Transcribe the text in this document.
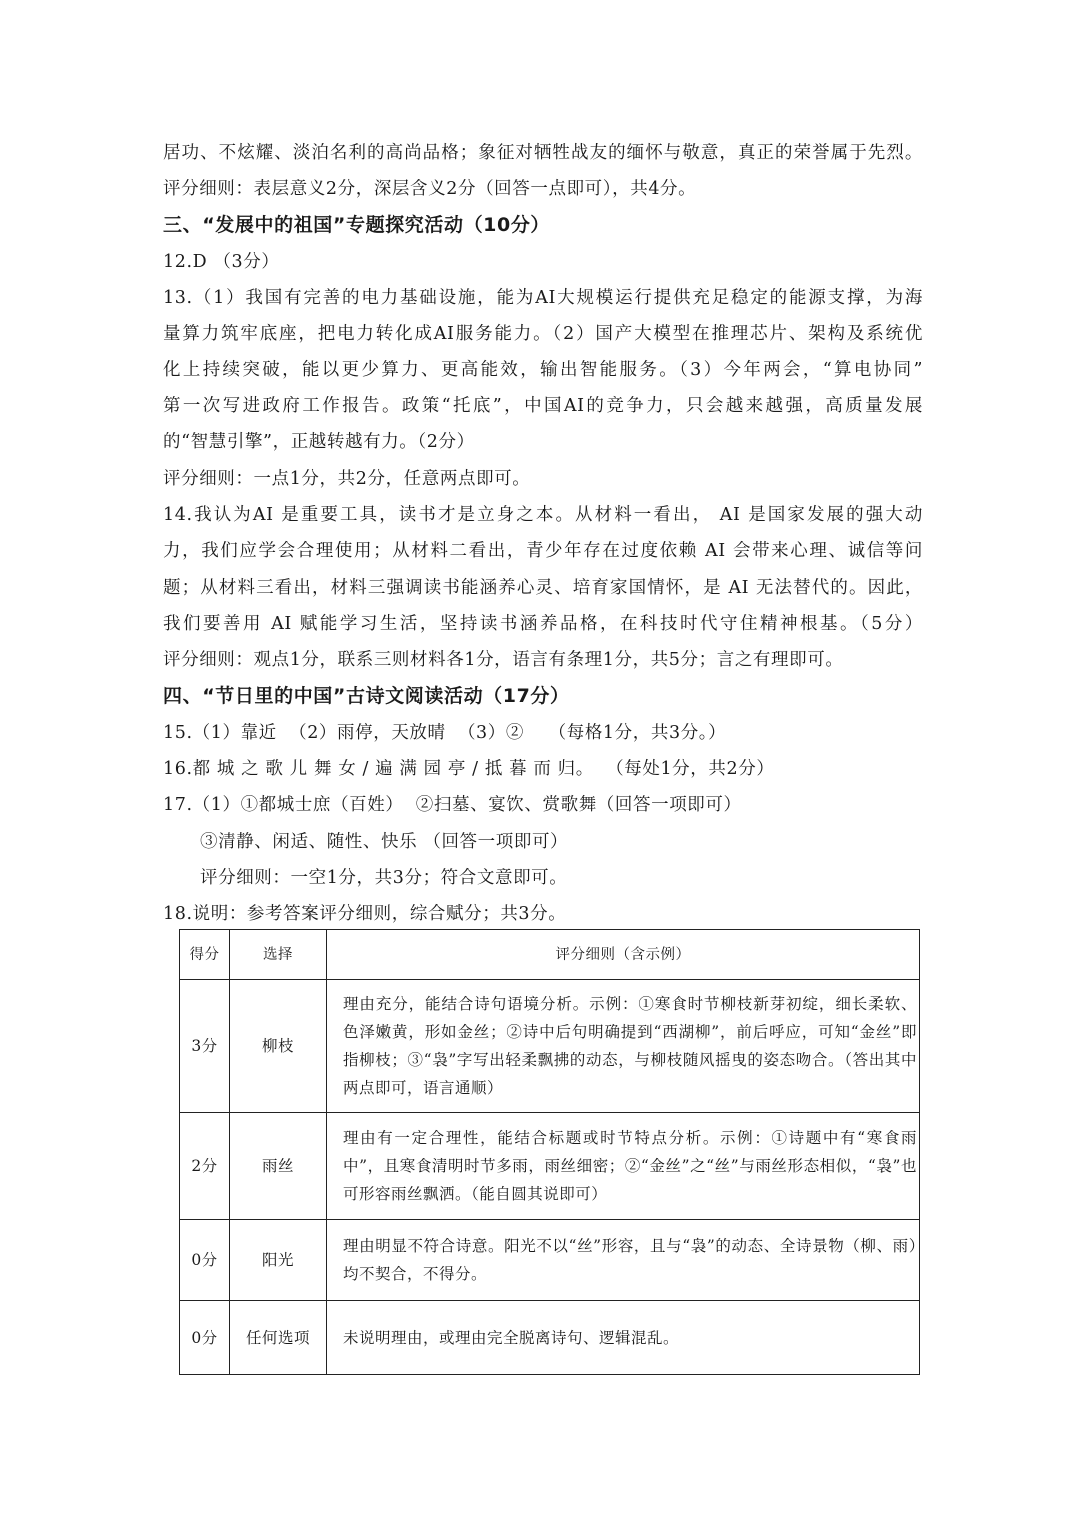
居功、不炫耀、淡泊名利的高尚品格；象征对牺牲战友的缅怀与敬意，真正的荣誉属于先烈。
评分细则：表层意义2分，深层含义2分（回答一点即可），共4分。
三、“发展中的祖国”专题探究活动（10分）
12.D （3分）
13.（1）我国有完善的电力基础设施，能为AI大规模运行提供充足稳定的能源支撑，为海
量算力筑牢底座，把电力转化成AI服务能力。（2）国产大模型在推理芯片、架构及系统优
化上持续突破，能以更少算力、更高能效，输出智能服务。（3）今年两会，“算电协同”
第一次写进政府工作报告。政策“托底”，中国AI的竞争力，只会越来越强，高质量发展
的“智慧引擎”，正越转越有力。（2分）
评分细则：一点1分，共2分，任意两点即可。
14.我认为AI 是重要工具，读书才是立身之本。从材料一看出， AI 是国家发展的强大动
力，我们应学会合理使用；从材料二看出，青少年存在过度依赖 AI 会带来心理、诚信等问
题；从材料三看出，材料三强调读书能涵养心灵、培育家国情怀，是 AI 无法替代的。因此，
我们要善用 AI 赋能学习生活，坚持读书涵养品格，在科技时代守住精神根基。（5分）
评分细则：观点1分，联系三则材料各1分，语言有条理1分，共5分；言之有理即可。
四、“节日里的中国”古诗文阅读活动（17分）
15.（1）靠近  （2）雨停，天放晴  （3）②    （每格1分，共3分。）
16.都 城 之 歌 儿 舞 女 / 遍 满 园 亭 / 抵 暮 而 归。  （每处1分，共2分）
17.（1）①都城士庶（百姓）  ②扫墓、宴饮、赏歌舞（回答一项即可）
③清静、闲适、随性、快乐 （回答一项即可）
评分细则：一空1分，共3分；符合文意即可。
18.说明：参考答案评分细则，综合赋分；共3分。
得分	选择	评分细则（含示例）
3分	柳枝	理由充分，能结合诗句语境分析。示例：①寒食时节柳枝新芽初绽，细长柔软、色泽嫩黄，形如金丝；②诗中后句明确提到“西湖柳”，前后呼应，可知“金丝”即指柳枝；③“袅”字写出轻柔飘拂的动态，与柳枝随风摇曳的姿态吻合。（答出其中两点即可，语言通顺）
2分	雨丝	理由有一定合理性，能结合标题或时节特点分析。示例：①诗题中有“寒食雨中”，且寒食清明时节多雨，雨丝细密；②“金丝”之“丝”与雨丝形态相似，“袅”也可形容雨丝飘洒。（能自圆其说即可）
0分	阳光	理由明显不符合诗意。阳光不以“丝”形容，且与“袅”的动态、全诗景物（柳、雨）均不契合，不得分。
0分	任何选项	未说明理由，或理由完全脱离诗句、逻辑混乱。
